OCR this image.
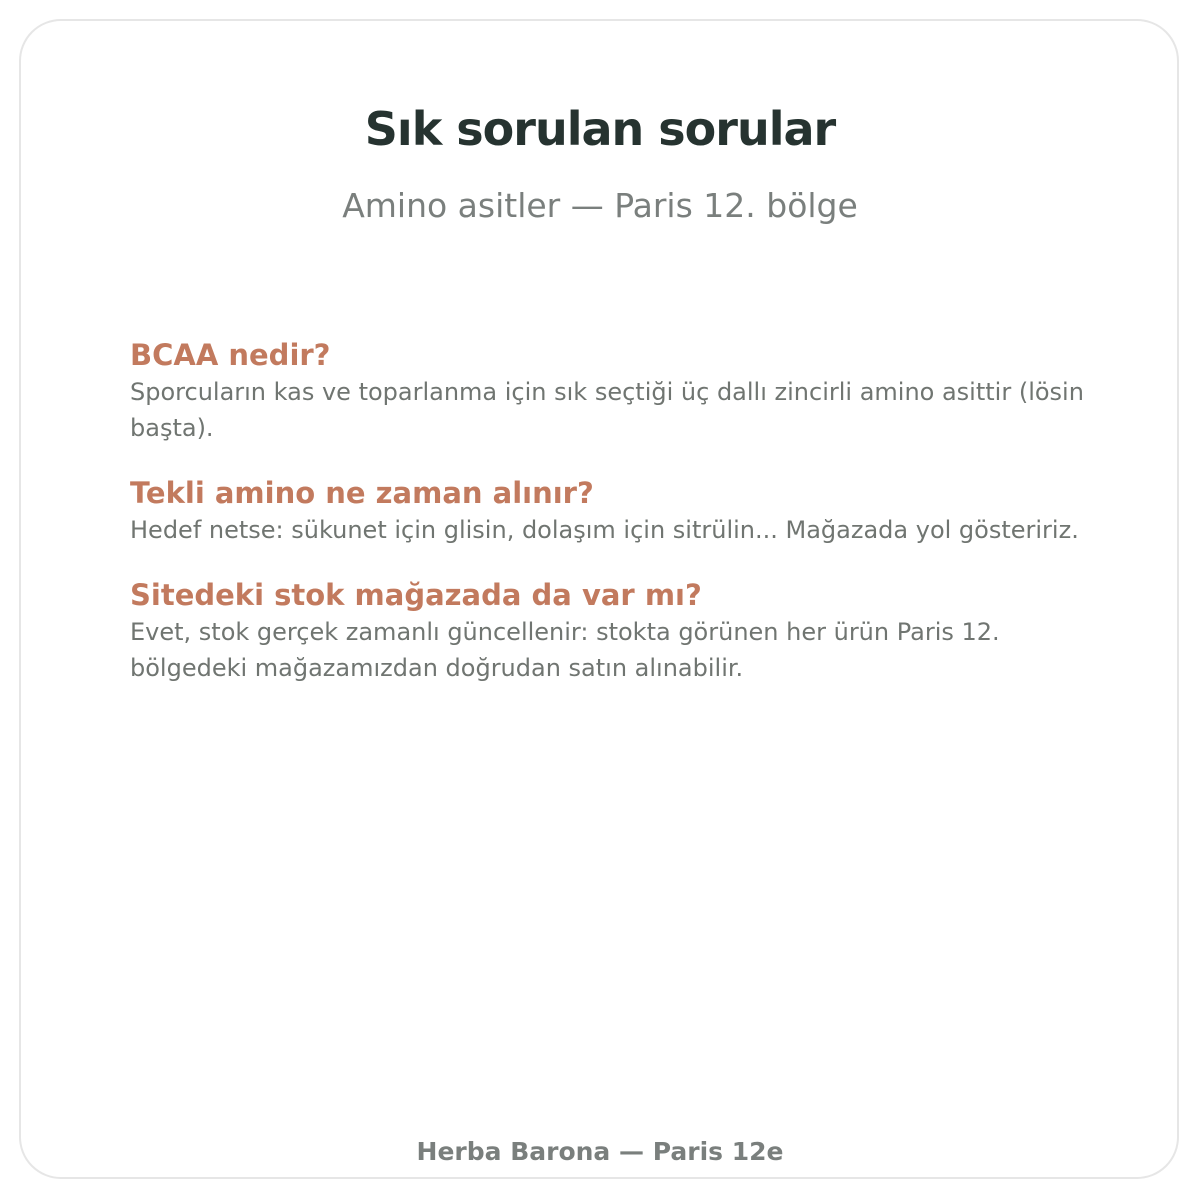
Sık sorulan sorular

Amino asitler — Paris 12. bölge

BCAA nedir?

Sporcuların kas ve toparlanma için sık seçtiği üç dallı zincirli amino asittir (lösin başta).

Tekli amino ne zaman alınır?

Hedef netse: sükunet için glisin, dolaşım için sitrülin... Mağazada yol gösteririz.

Sitedeki stok mağazada da var mı?

Evet, stok gerçek zamanlı güncellenir: stokta görünen her ürün Paris 12. bölgedeki mağazamızdan doğrudan satın alınabilir.

Herba Barona — Paris 12e
